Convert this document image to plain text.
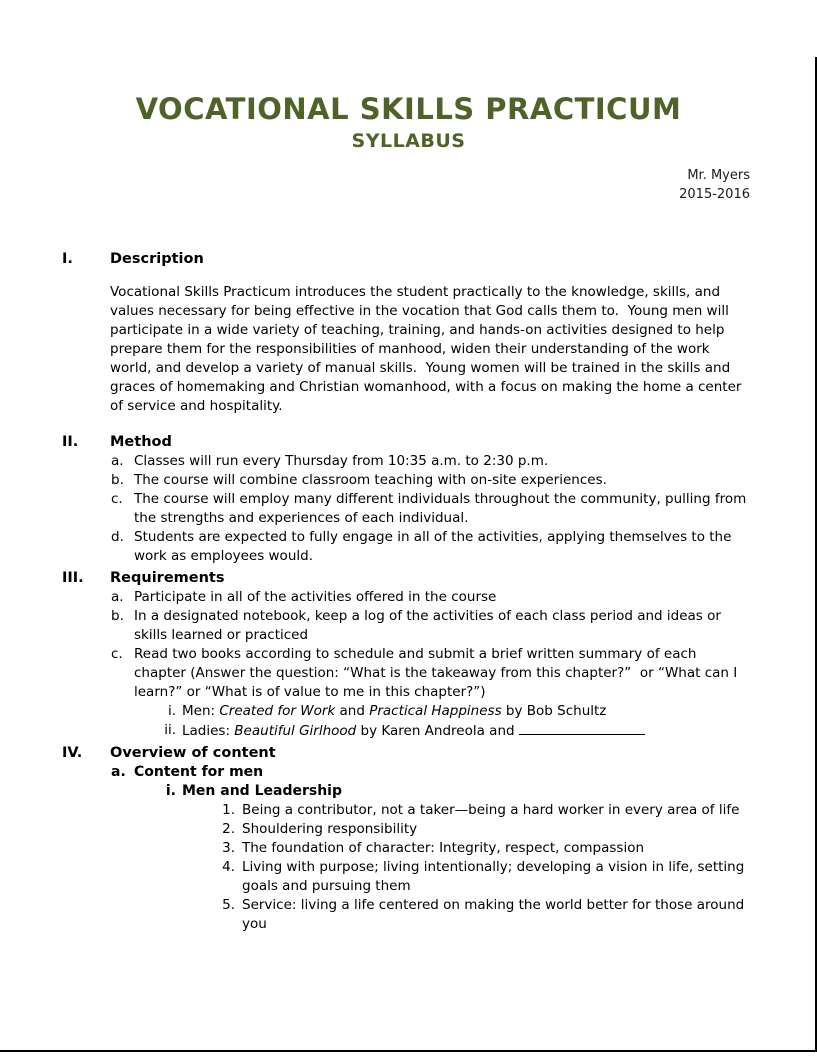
VOCATIONAL SKILLS PRACTICUM
SYLLABUS
Mr. Myers
2015-2016
I.	Description

Vocational Skills Practicum introduces the student practically to the knowledge, skills, and values necessary for being effective in the vocation that God calls them to.  Young men will participate in a wide variety of teaching, training, and hands-on activities designed to help prepare them for the responsibilities of manhood, widen their understanding of the work world, and develop a variety of manual skills.  Young women will be trained in the skills and graces of homemaking and Christian womanhood, with a focus on making the home a center of service and hospitality.

II.	Method
a. Classes will run every Thursday from 10:35 a.m. to 2:30 p.m.
b. The course will combine classroom teaching with on-site experiences.
c. The course will employ many different individuals throughout the community, pulling from the strengths and experiences of each individual.
d. Students are expected to fully engage in all of the activities, applying themselves to the work as employees would.
III.	Requirements
a. Participate in all of the activities offered in the course
b. In a designated notebook, keep a log of the activities of each class period and ideas or skills learned or practiced
c. Read two books according to schedule and submit a brief written summary of each chapter (Answer the question: “What is the takeaway from this chapter?”  or “What can I learn?” or “What is of value to me in this chapter?”)
i. Men: Created for Work and Practical Happiness by Bob Schultz
ii. Ladies: Beautiful Girlhood by Karen Andreola and
IV.	Overview of content
a. Content for men
i. Men and Leadership
1. Being a contributor, not a taker—being a hard worker in every area of life
2. Shouldering responsibility
3. The foundation of character: Integrity, respect, compassion
4. Living with purpose; living intentionally; developing a vision in life, setting goals and pursuing them
5. Service: living a life centered on making the world better for those around you
